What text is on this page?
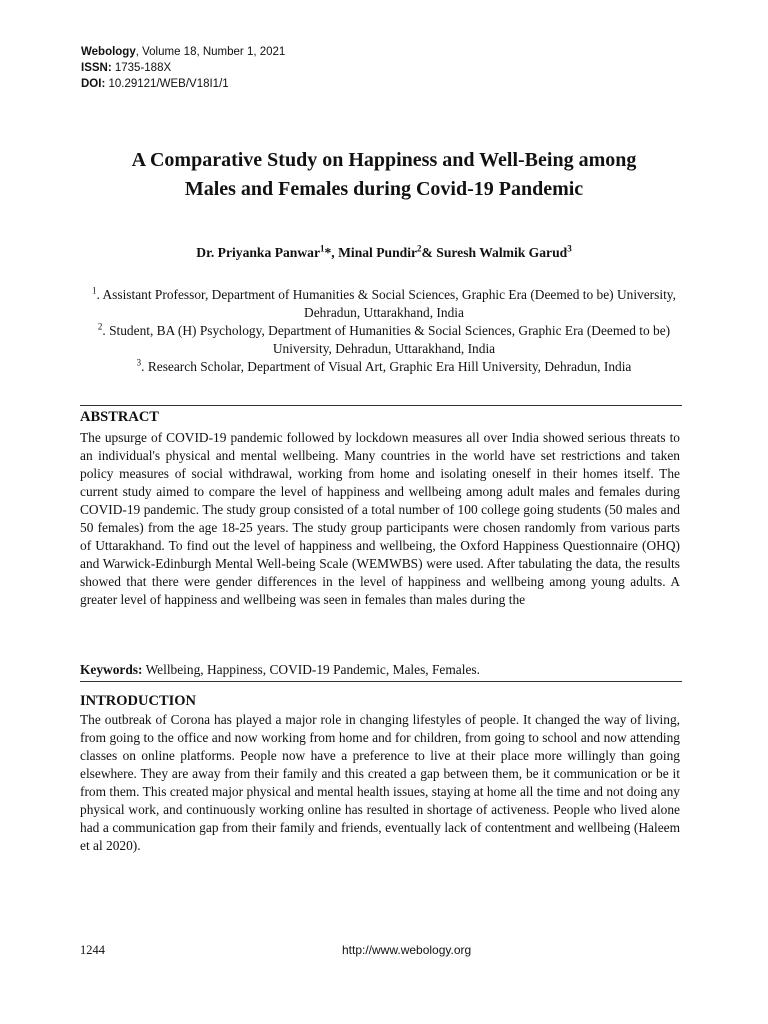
Webology, Volume 18, Number 1, 2021
ISSN: 1735-188X
DOI: 10.29121/WEB/V18I1/1
A Comparative Study on Happiness and Well-Being among
Males and Females during Covid-19 Pandemic
Dr. Priyanka Panwar$^1$*, Minal Pundir$^2$& Suresh Walmik Garud$^3$

$^1$. Assistant Professor, Department of Humanities & Social Sciences, Graphic Era (Deemed to be) University, Dehradun, Uttarakhand, India

$^2$. Student, BA (H) Psychology, Department of Humanities & Social Sciences, Graphic Era (Deemed to be) University, Dehradun, Uttarakhand, India

$^3$. Research Scholar, Department of Visual Art, Graphic Era Hill University, Dehradun, India

ABSTRACT

The upsurge of COVID-19 pandemic followed by lockdown measures all over India showed serious threats to an individual's physical and mental wellbeing. Many countries in the world have set restrictions and taken policy measures of social withdrawal, working from home and isolating oneself in their homes itself. The current study aimed to compare the level of happiness and wellbeing among adult males and females during COVID-19 pandemic. The study group consisted of a total number of 100 college going students (50 males and 50 females) from the age 18-25 years. The study group participants were chosen randomly from various parts of Uttarakhand. To find out the level of happiness and wellbeing, the Oxford Happiness Questionnaire (OHQ) and Warwick-Edinburgh Mental Well-being Scale (WEMWBS) were used. After tabulating the data, the results showed that there were gender differences in the level of happiness and wellbeing among young adults. A greater level of happiness and wellbeing was seen in females than males during the

Keywords: Wellbeing, Happiness, COVID-19 Pandemic, Males, Females.
INTRODUCTION

The outbreak of Corona has played a major role in changing lifestyles of people. It changed the way of living, from going to the office and now working from home and for children, from going to school and now attending classes on online platforms. People now have a preference to live at their place more willingly than going elsewhere. They are away from their family and this created a gap between them, be it communication or be it from them. This created major physical and mental health issues, staying at home all the time and not doing any physical work, and continuously working online has resulted in shortage of activeness. People who lived alone had a communication gap from their family and friends, eventually lack of contentment and wellbeing (Haleem et al 2020).

1244	http://www.webology.org
